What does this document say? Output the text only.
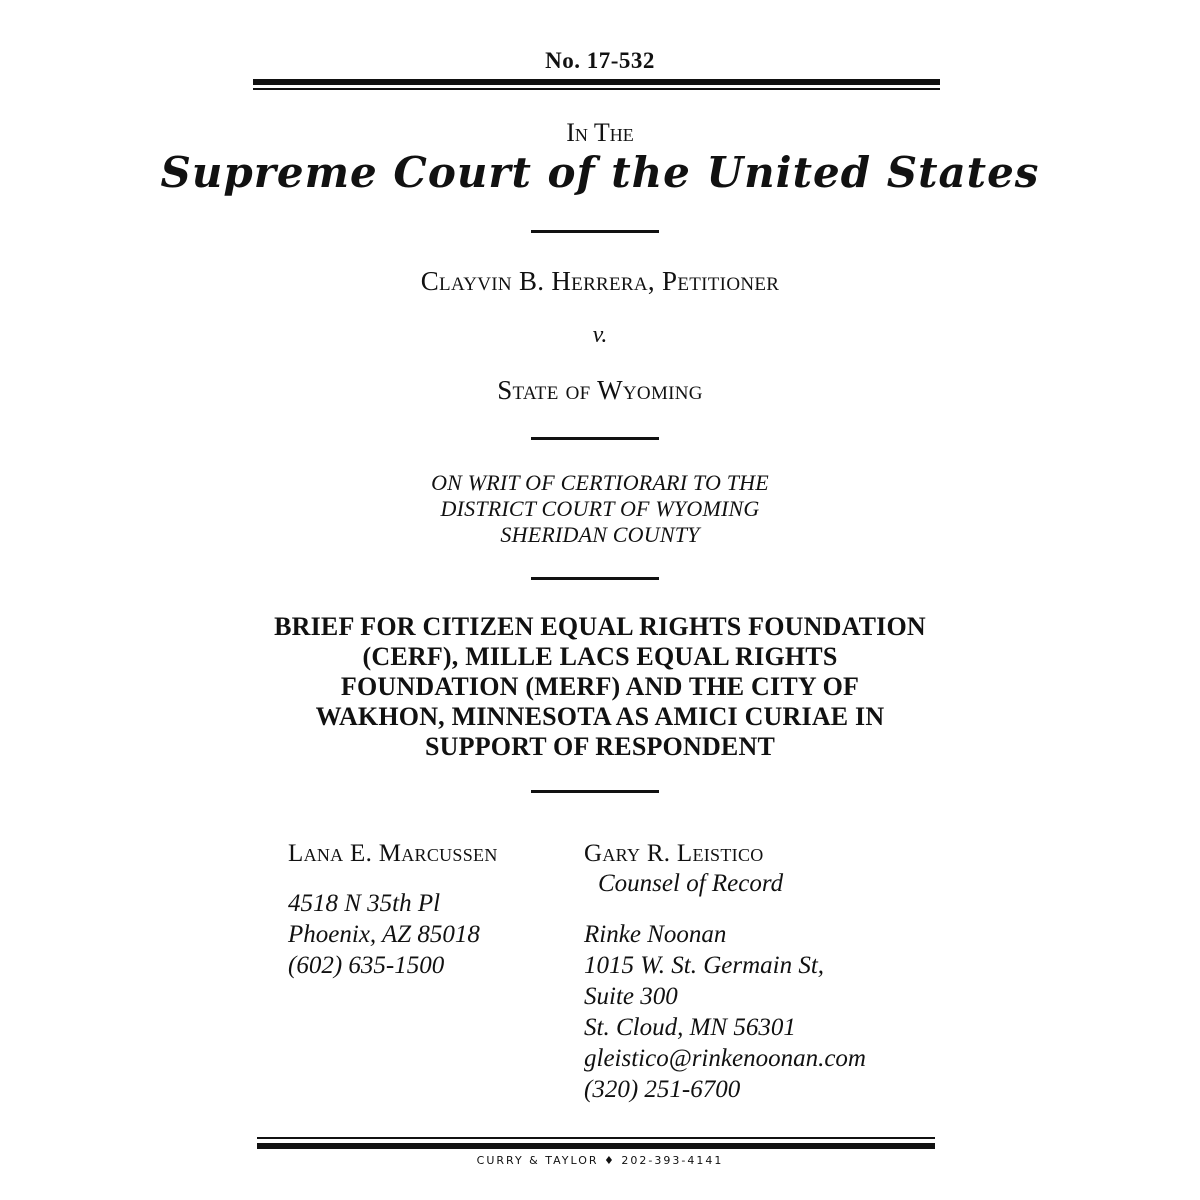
No. 17-532
In The
Supreme Court of the United States
Clayvin B. Herrera, Petitioner
v.
State of Wyoming
ON WRIT OF CERTIORARI TO THE
DISTRICT COURT OF WYOMING
SHERIDAN COUNTY
BRIEF FOR CITIZEN EQUAL RIGHTS FOUNDATION
(CERF), MILLE LACS EQUAL RIGHTS
FOUNDATION (MERF) AND THE CITY OF
WAKHON, MINNESOTA AS AMICI CURIAE IN
SUPPORT OF RESPONDENT
Lana E. Marcussen
4518 N 35th Pl
Phoenix, AZ 85018
(602) 635-1500
Gary R. Leistico
Counsel of Record
Rinke Noonan
1015 W. St. Germain St,
Suite 300
St. Cloud, MN 56301
gleistico@rinkenoonan.com
(320) 251-6700
CURRY & TAYLOR ♦ 202-393-4141
